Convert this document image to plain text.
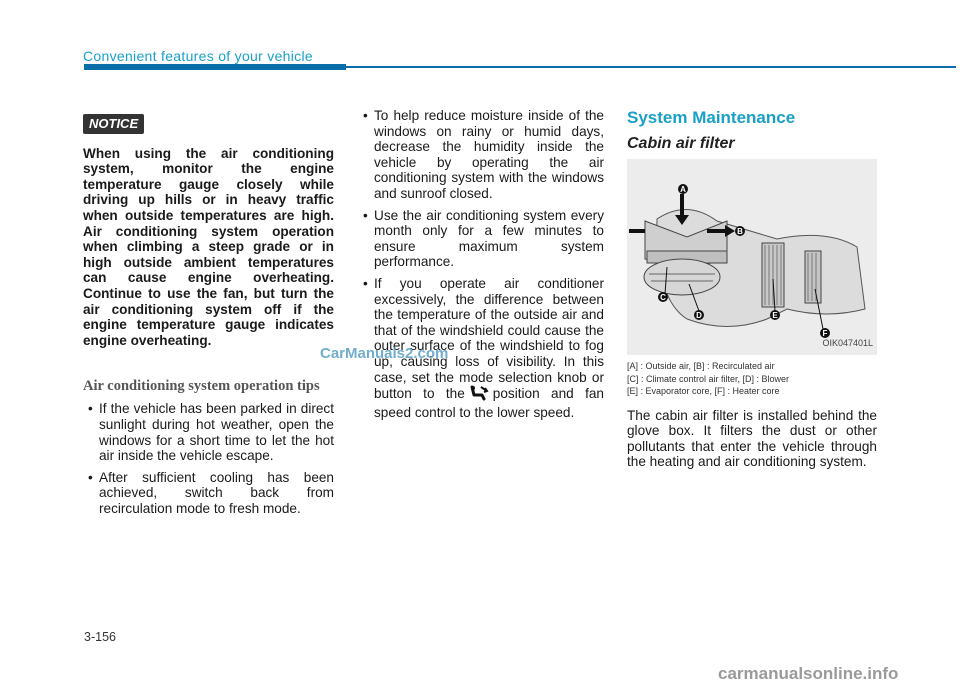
Convenient features of your vehicle
NOTICE
When using the air conditioning system, monitor the engine temperature gauge closely while driving up hills or in heavy traffic when outside temperatures are high. Air conditioning system operation when climbing a steep grade or in high outside ambient temperatures can cause engine overheating. Continue to use the fan, but turn the air conditioning system off if the engine temperature gauge indicates engine overheating.
Air conditioning system operation tips
• If the vehicle has been parked in direct sunlight during hot weather, open the windows for a short time to let the hot air inside the vehicle escape.
• After sufficient cooling has been achieved, switch back from recirculation mode to fresh mode.
• To help reduce moisture inside of the windows on rainy or humid days, decrease the humidity inside the vehicle by operating the air conditioning system with the windows and sunroof closed.
• Use the air conditioning system every month only for a few minutes to ensure maximum system performance.
• If you operate air conditioner excessively, the difference between the temperature of the outside air and that of the windshield could cause the outer surface of the windshield to fog up, causing loss of visibility. In this case, set the mode selection knob or button to the position and fan speed control to the lower speed.
System Maintenance
Cabin air filter
A
B
C
D	E
F
OIK047401L
[A] : Outside air, [B] : Recirculated air
[C] : Climate control air filter, [D] : Blower
[E] : Evaporator core, [F] : Heater core
The cabin air filter is installed behind the glove box. It filters the dust or other pollutants that enter the vehicle through the heating and air conditioning system.
CarManuals2.com
3-156
carmanualsonline.info
